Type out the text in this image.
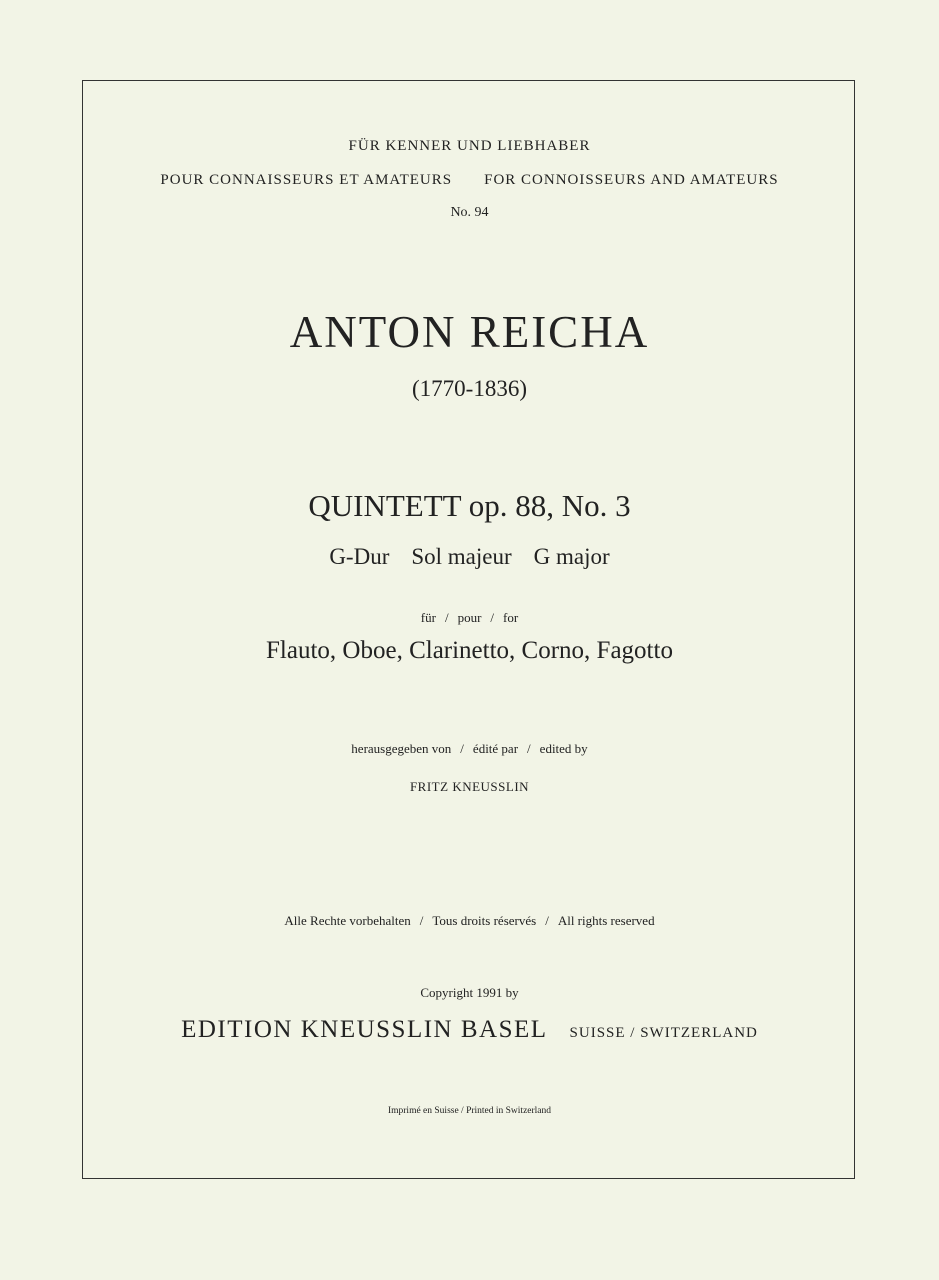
FÜR KENNER UND LIEBHABER
POUR CONNAISSEURS ET AMATEURS FOR CONNOISSEURS AND AMATEURS
No. 94
ANTON REICHA
(1770-1836)
QUINTETT op. 88, No. 3
G-Dur Sol majeur G major
für / pour / for
Flauto, Oboe, Clarinetto, Corno, Fagotto
herausgegeben von / édité par / edited by
FRITZ KNEUSSLIN
Alle Rechte vorbehalten / Tous droits réservés / All rights reserved
Copyright 1991 by
EDITION KNEUSSLIN BASEL SUISSE / SWITZERLAND
Imprimé en Suisse / Printed in Switzerland
